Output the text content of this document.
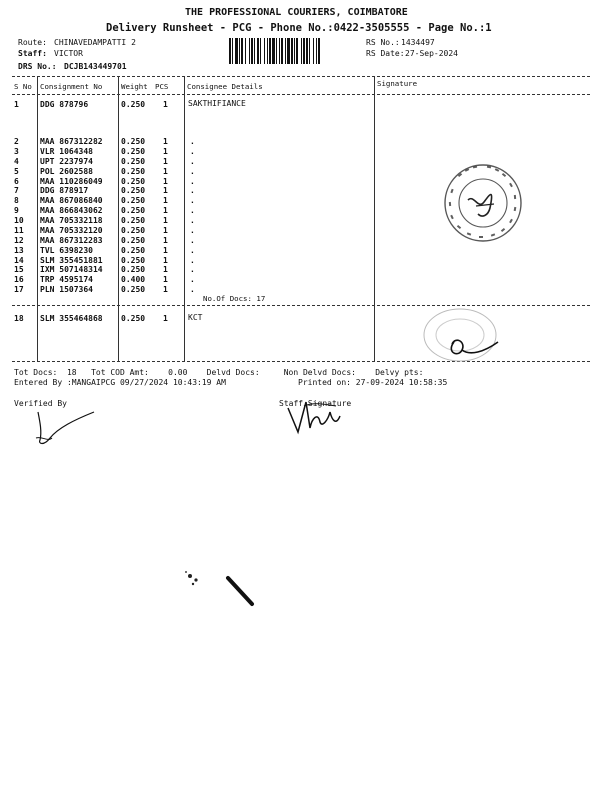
THE PROFESSIONAL COURIERS, COIMBATORE
Delivery Runsheet - PCG - Phone No.:0422-3505555 - Page No.:1
Route: CHINAVEDAMPATTI 2
Staff: VICTOR
DRS No.: DCJB143449701
RS No.: 1434497
RS Date: 27-Sep-2024
S No Consignment No	Weight PCS	Consignee Details	Signature
1	DDG 878796	0.250 1	SAKTHIFIANCE
2	MAA 867312282 0.250 1	.
3	VLR 1064348	0.250 1	.
4	UPT 2237974	0.250 1	.
5	POL 2602588	0.250 1	.
6	MAA 110286049 0.250 1	.
7	DDG 878917	0.250 1	.
8	MAA 867086840 0.250 1	.
9	MAA 866843062 0.250 1	.
10 MAA 705332118 0.250 1	.
11 MAA 705332120 0.250 1	.
12 MAA 867312283 0.250 1	.
13 TVL 6398230	0.250 1	.
14 SLM 355451881 0.250 1	.
15 IXM 507148314 0.250 1	.
16 TRP 4595174	0.400 1	.
17 PLN 1507364	0.250 1	.
No.Of Docs: 17
18 SLM 355464868 0.250 1	KCT
Tot Docs:  18   Tot COD Amt:    0.00    Delvd Docs:     Non Delvd Docs:    Delvy pts:
Entered By :MANGAIPCG 09/27/2024 10:43:19 AM	Printed on: 27-09-2024 10:58:35
Verified By	Staff Signature
